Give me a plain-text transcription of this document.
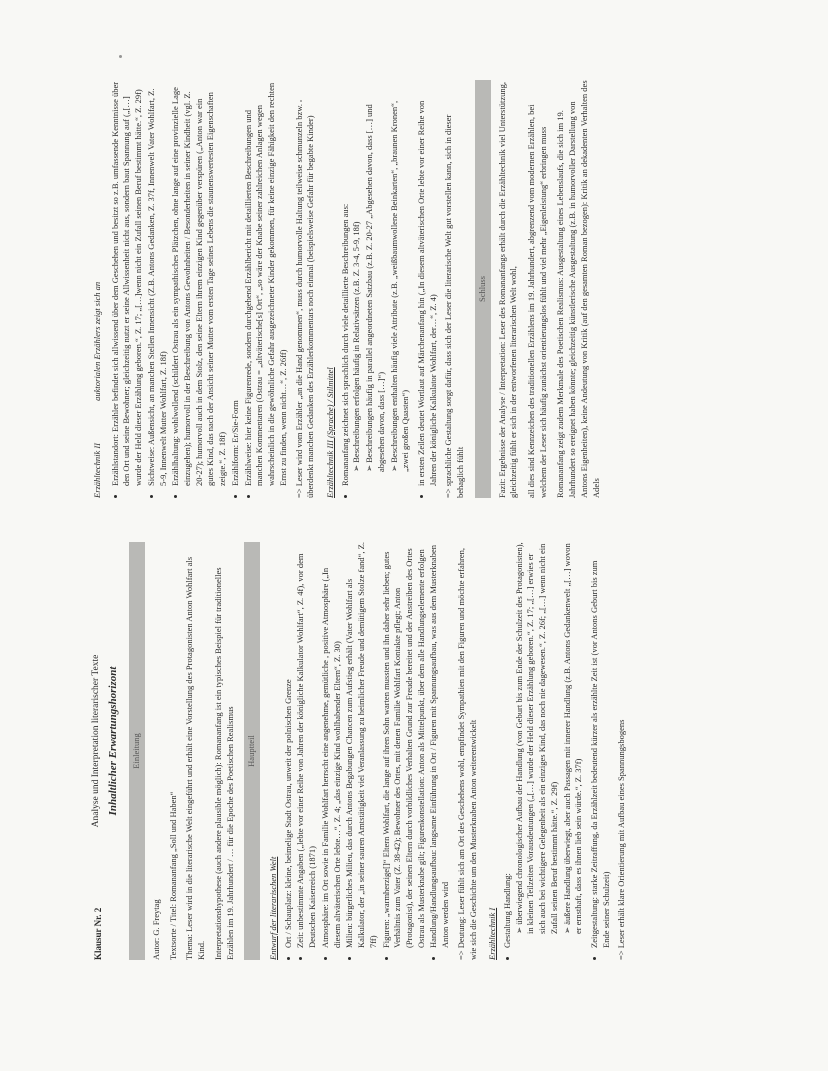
Klausur Nr. 2

Analyse und Interpretation literarischer Texte Inhaltlicher Erwartungshorizont Einleitung

Autor: G. Freytag Textsorte / Titel: Romananfang „Soll und Haben“ Thema: Leser wird in die literarische Welt eingeführt und erhält eine Vorstellung des Protagonisten Anton Wohlfart als Kind. Interpretationshypothese (auch andere plausible möglich): Romananfang ist ein typisches Beispiel für traditionelles Erzählen im 19. Jahrhundert / … für die Epoche des Poetischen Realismus Hauptteil

Entwurf der literarischen Welt • Ort / Schauplatz: kleine, beimelige Stadt Ostrau, unweit der polnischen Grenze • Zeit: unbestimmte Angaben („lebte vor einer Reihe von Jahren der königliche Kalkulator Wohlfart“, Z. 4f), vor dem Deutschen Kaiserreich (1871) • Atmosphäre: im Ort sowie in Familie Wohlfart herrscht eine angenehme, gemütliche , positive Atmosphäre („In diesem altväterischen Orte lebte…“, Z. 4; „das einzige Kind wohlhabender Eltern“, Z. 30) • Milieu: bürgerliches Milieu, das durch Antons Begabungen Chancen zum Aufstieg erhält (Vater Wohlfart als Kalkulator, der „in seiner sauren Amtstätigkeit viel Veranlassung zu heimlicher Freude und demütigem Stolze fand“, Z. 7ff) • Figuren: „warmherzige[]“ Eltern Wohlfart, die lange auf ihren Sohn warten mussten und ihn daher sehr lieben; gutes Verhältnis zum Vater (Z. 38-42); Bewohner des Ortes, mit denen Familie Wohlfart Kontakte pflegt; Anton (Protagonist), der seinen Eltern durch vorbildliches Verhalten Grund zur Freude bereitet und der Anstreiben des Ortes Ostrau als Musterknabe gilt; Figurenkonstellation: Anton als Mittelpunkt, über dem alle Handlungselemente erfolgen • Handlung/Handlungsaufbau: langsame Einführung in Ort / Figuren mit Spannungsaufbau, was aus dem Musterknaben Anton werden wird => Deutung: Leser fühlt sich am Ort des Geschehens wohl, empfindet Sympathien mit den Figuren und möchte erfahren, wie sich die Geschichte um den Musterknaben Anton weiterentwickelt Erzähltechnik I • Gestaltung Handlung: ➢ überwiegend chronologischer Aufbau der Handlung (von Geburt bis zum Ende der Schulzeit des Protagonisten), in kleinen Teilzeiten Vorausdeutungen („[…] wurde der Held dieser Erzählung geboren.“, Z. 17; „[…] erwies er sich auch bei wichtigere Gelegenheit als ein einziges Kind, das noch nie dagewesen.“, Z. 26f; „[…] wenn nicht ein Zufall seinen Beruf bestimmt hätte.“, Z. 29f) ➢ äußere Handlung überwiegt, aber auch Passagen mit innerer Handlung (z.B. Antons Gedankenwelt „[…] wovon er ernsthaft, dass es ihnen lieb sein würde.“, Z. 37f) • Zeitgestaltung: starke Zeitraffung, da Erzählzeit bedeutend kürzer als erzählte Zeit ist (vor Antons Geburt bis zum Ende seiner Schulzeit) => Leser erhält klare Orientierung mit Aufbau eines Spannungsbogens

Erzähltechnik II auktorialen Erzählers zeigt sich an • Erzählstandort: Erzähler befindet sich allwissend über dem Geschehen und besitzt so z.B. umfassende Kenntnisse über den Ort und seine Bewohner; gleichzeitig nutzt er seine Allwissenheit nicht aus, sondern baut Spannung auf („[…] wurde der Held dieser Erzählung geboren.“, Z. 17; „[…]wenn nicht ein Zufall seinen Beruf bestimmt hätte.“, Z. 29f) • Sichtweise: Außensicht, an manchen Stellen Innensicht (Z.B. Antons Gedanken, Z. 37f, Innenwelt Vater Wohlfart, Z. 5-9, Innenwelt Mutter Wohlfart, Z. 18f) • Erzählhaltung: wohlwollend (schildert Ostrau als ein sympathisches Plätzchen, ohne lange auf eine provinzielle Lage einzugehen); humorvoll in der Beschreibung von Antons Gewohnheiten / Besonderheiten in seiner Kindheit (vgl. Z. 20-27); humorvoll auch in dem Stolz, den seine Eltern ihrem einzigen Kind gegenüber verspüren („Anton war ein gutes Kind, das nach der Ansicht seiner Mutter vom ersten Tage seines Lebens die staunenswertesten Eigenschaften zeigte.“, Z. 18f) • Erzählform: Er/Sie-Form • Erzählweise: hier keine Figurenrede, sondern durchgehend Erzählbericht mit detaillierten Beschreibungen und manchen Kommentaren (Ostrau = „altväterische[s] Ort“, „so wäre der Knabe seiner zahlreichen Anlagen wegen wahrscheinlich in die gewöhnliche Gefahr ausgezeichneter Kinder gekommen, für keine einzige Fähigkeit den rechten Ernst zu finden, wenn nicht…“, Z. 26ff) => Leser wird vom Erzähler „an die Hand genommen“, muss durch humorvolle Haltung teilweise schmunzeln bzw. überdenkt manchen Gedanken des Erzählerkommentars noch einmal (beispielsweise Gefahr für begabte Kinder) Erzähltechnik III (Sprache) / Stilmittel • Romananfang zeichnet sich sprachlich durch viele detaillierte Beschreibungen aus: ➢ Beschreibungen erfolgen häufig in Relativsätzen (z.B. Z. 3-4, 5-9, 18f) ➢ Beschreibungen häufig in parallel angeordneten Satzbau (z.B. Z. 20-27 „Abgesehen davon, dass […] und abgesehen davon, dass […]“) ➢ Beschreibungen enthalten häufig viele Attribute (z.B. „weißbaumwollene Beinkarten“, „braunen Kronen“, „zwei großen Quasten“) • in ersten Zeilen deutet Wortlaut auf Märchenanfang hin („In diesem altväterischen Orte lebte vor einer Reihe von Jahren der königliche Kalkulator Wohlfart, der…“, Z. 4) => sprachliche Gestaltung sorgt dafür, dass sich der Leser die literarische Welt gut vorstellen kann, sich in dieser behaglich fühlt

Schluss	Fazit: Ergebnisse der Analyse / Interpretation: Leser des Romananfangs erhält durch die Erzähltechnik viel Unterstützung, gleichzeitig fühlt er sich in der entworfenen literarischen Welt wohl, all dies sind Kennzeichen des traditionellen Erzählens im 19. Jahrhundert, abgrenzend vom modernen Erzählen, bei welchem der Leser sich häufig zunächst orientierungslos fühlt und viel mehr „Eigenleistung“ erbringen muss Romananfang zeigt zudem Merkmale des Poetischen Realismus: Ausgestaltung eines Lebenslaufs, die sich im 19. Jahrhundert so ereignet haben könnte; gleichzeitig künstlerische Ausgestaltung (z.B. in humorvoller Darstellung von Antons Eigenheiten), keine Andeutung von Kritik (auf den gesamten Roman bezogen): Kritik an dekadenten Verhalten des Adels
